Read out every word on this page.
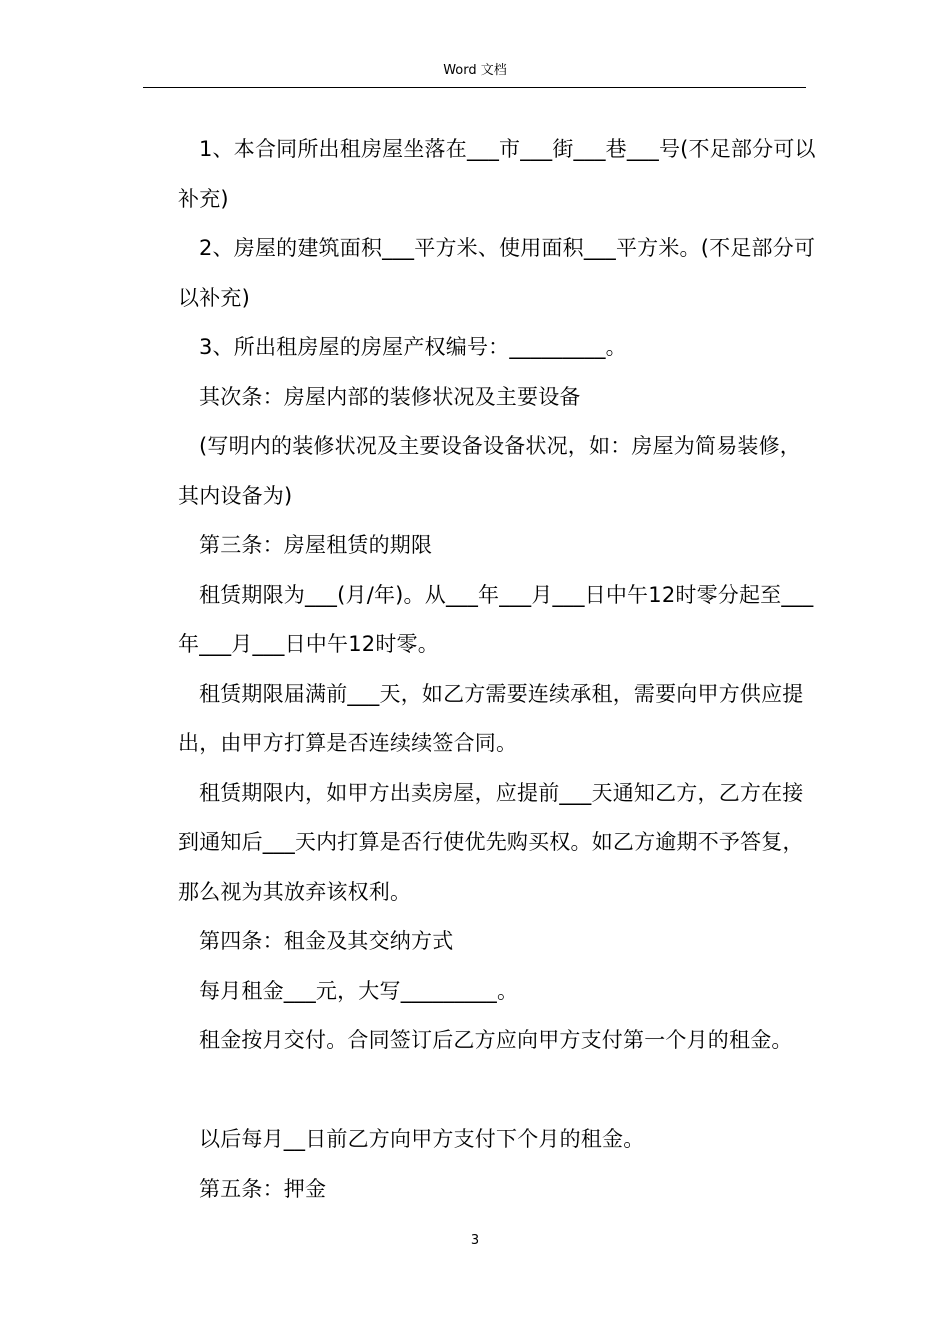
Word 文档

1、本合同所出租房屋坐落在___市___街___巷___号(不足部分可以补充)

2、房屋的建筑面积___平方米、使用面积___平方米。(不足部分可以补充)

3、所出租房屋的房屋产权编号：_________。

其次条：房屋内部的装修状况及主要设备

(写明内的装修状况及主要设备设备状况，如：房屋为简易装修，其内设备为)

第三条：房屋租赁的期限

租赁期限为___(月/年)。从___年___月___日中午12时零分起至___年___月___日中午12时零。

租赁期限届满前___天，如乙方需要连续承租，需要向甲方供应提出，由甲方打算是否连续续签合同。

租赁期限内，如甲方出卖房屋，应提前___天通知乙方，乙方在接到通知后___天内打算是否行使优先购买权。如乙方逾期不予答复，那么视为其放弃该权利。

第四条：租金及其交纳方式

每月租金___元，大写_________。

租金按月交付。合同签订后乙方应向甲方支付第一个月的租金。

以后每月__日前乙方向甲方支付下个月的租金。

第五条：押金

3
